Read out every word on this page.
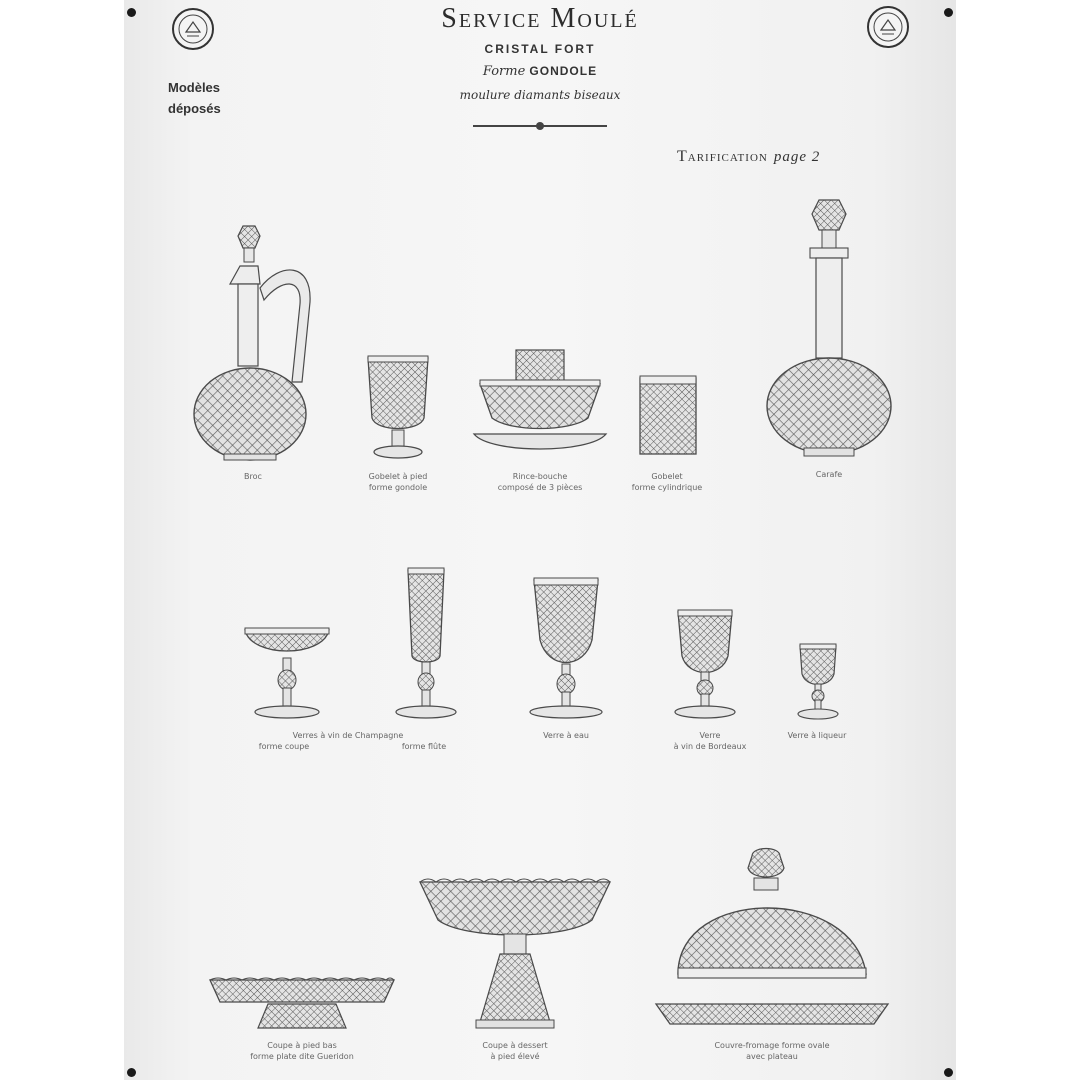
Service Moulé
CRISTAL FORT
Forme GONDOLE
moulure diamants biseaux
Modèles
déposés
Tarification page 2
Broc	Gobelet à pied
forme gondole
Rince-bouche
composé de 3 pièces
Gobelet
forme cylindrique
Carafe
Verres à vin de Champagne
forme coupe	forme flûte
Verre à eau	Verre
à vin de Bordeaux
Verre à liqueur
Coupe à pied bas
forme plate dite Gueridon
Coupe à dessert
à pied élevé
Couvre-fromage forme ovale
avec plateau
